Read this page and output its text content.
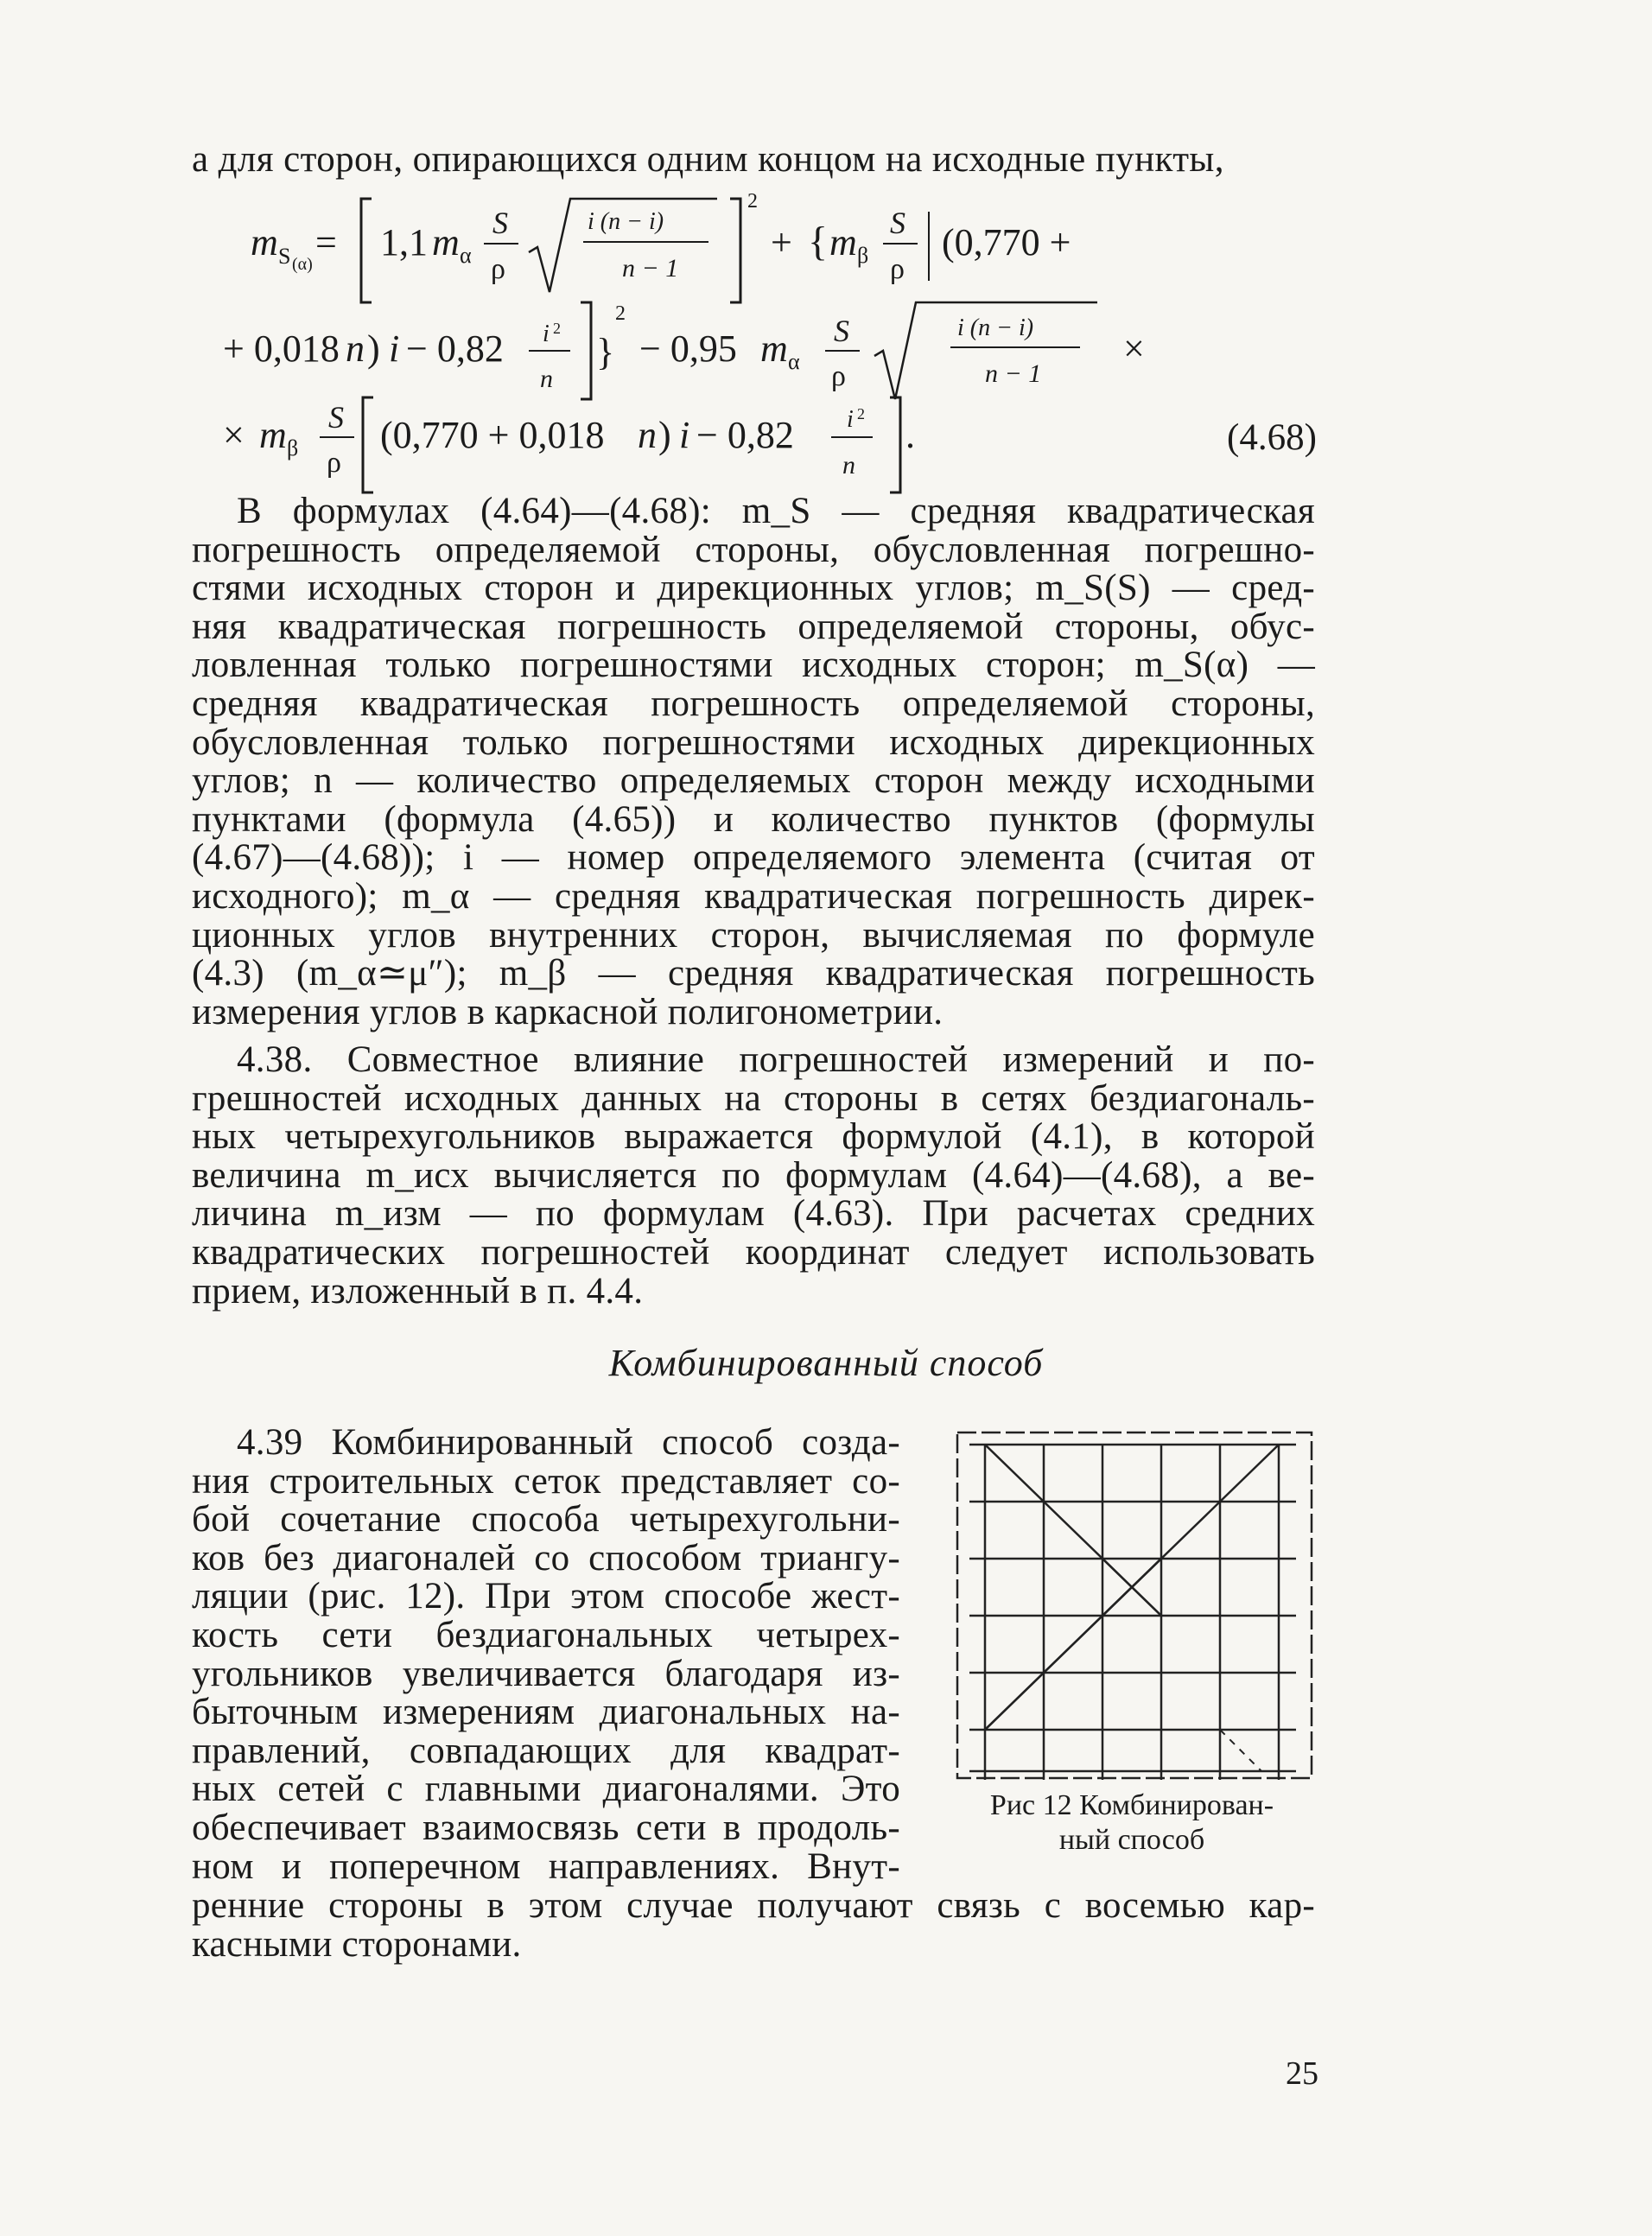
а для сторон, опирающихся одним концом на исходные пункты,
m S (α)
= 1,1 m α
S
ρ
i (n − i)
n − 1
2
+ { m β
S
ρ
(0,770 +
+ 0,018 n ) i − 0,82 i 2
n
}
2
− 0,95 m α
S
ρ
i (n − i)
n − 1
×
× m β
S
ρ
(0,770 + 0,018 n ) i − 0,82 i 2
n
.	(4.68)
В формулах (4.64)—(4.68): m_S — средняя квадратическая
погрешность определяемой стороны, обусловленная погрешно-
стями исходных сторон и дирекционных углов; m_S(S) — сред-
няя квадратическая погрешность определяемой стороны, обус-
ловленная только погрешностями исходных сторон; m_S(α) —
средняя квадратическая погрешность определяемой стороны,
обусловленная только погрешностями исходных дирекционных
углов; n — количество определяемых сторон между исходными
пунктами (формула (4.65)) и количество пунктов (формулы
(4.67)—(4.68)); i — номер определяемого элемента (считая от
исходного); m_α — средняя квадратическая погрешность дирек-
ционных углов внутренних сторон, вычисляемая по формуле
(4.3) (m_α≃μ″); m_β — средняя квадратическая погрешность
измерения углов в каркасной полигонометрии.
4.38. Совместное влияние погрешностей измерений и по-
грешностей исходных данных на стороны в сетях бездиагональ-
ных четырехугольников выражается формулой (4.1), в которой
величина m_исх вычисляется по формулам (4.64)—(4.68), а ве-
личина m_изм — по формулам (4.63). При расчетах средних
квадратических погрешностей координат следует использовать
прием, изложенный в п. 4.4.
Комбинированный способ
4.39 Комбинированный способ созда-
ния строительных сеток представляет со-
бой сочетание способа четырехугольни-
ков без диагоналей со способом триангу-
ляции (рис. 12). При этом способе жест-
кость сети бездиагональных четырех-
угольников увеличивается благодаря из-
быточным измерениям диагональных на-
правлений, совпадающих для квадрат-
ных сетей с главными диагоналями. Это
обеспечивает взаимосвязь сети в продоль-
ном и поперечном направлениях. Внут-
ренние стороны в этом случае получают связь с восемью кар-
касными сторонами.
Рис 12 Комбинирован-
ный способ
25
